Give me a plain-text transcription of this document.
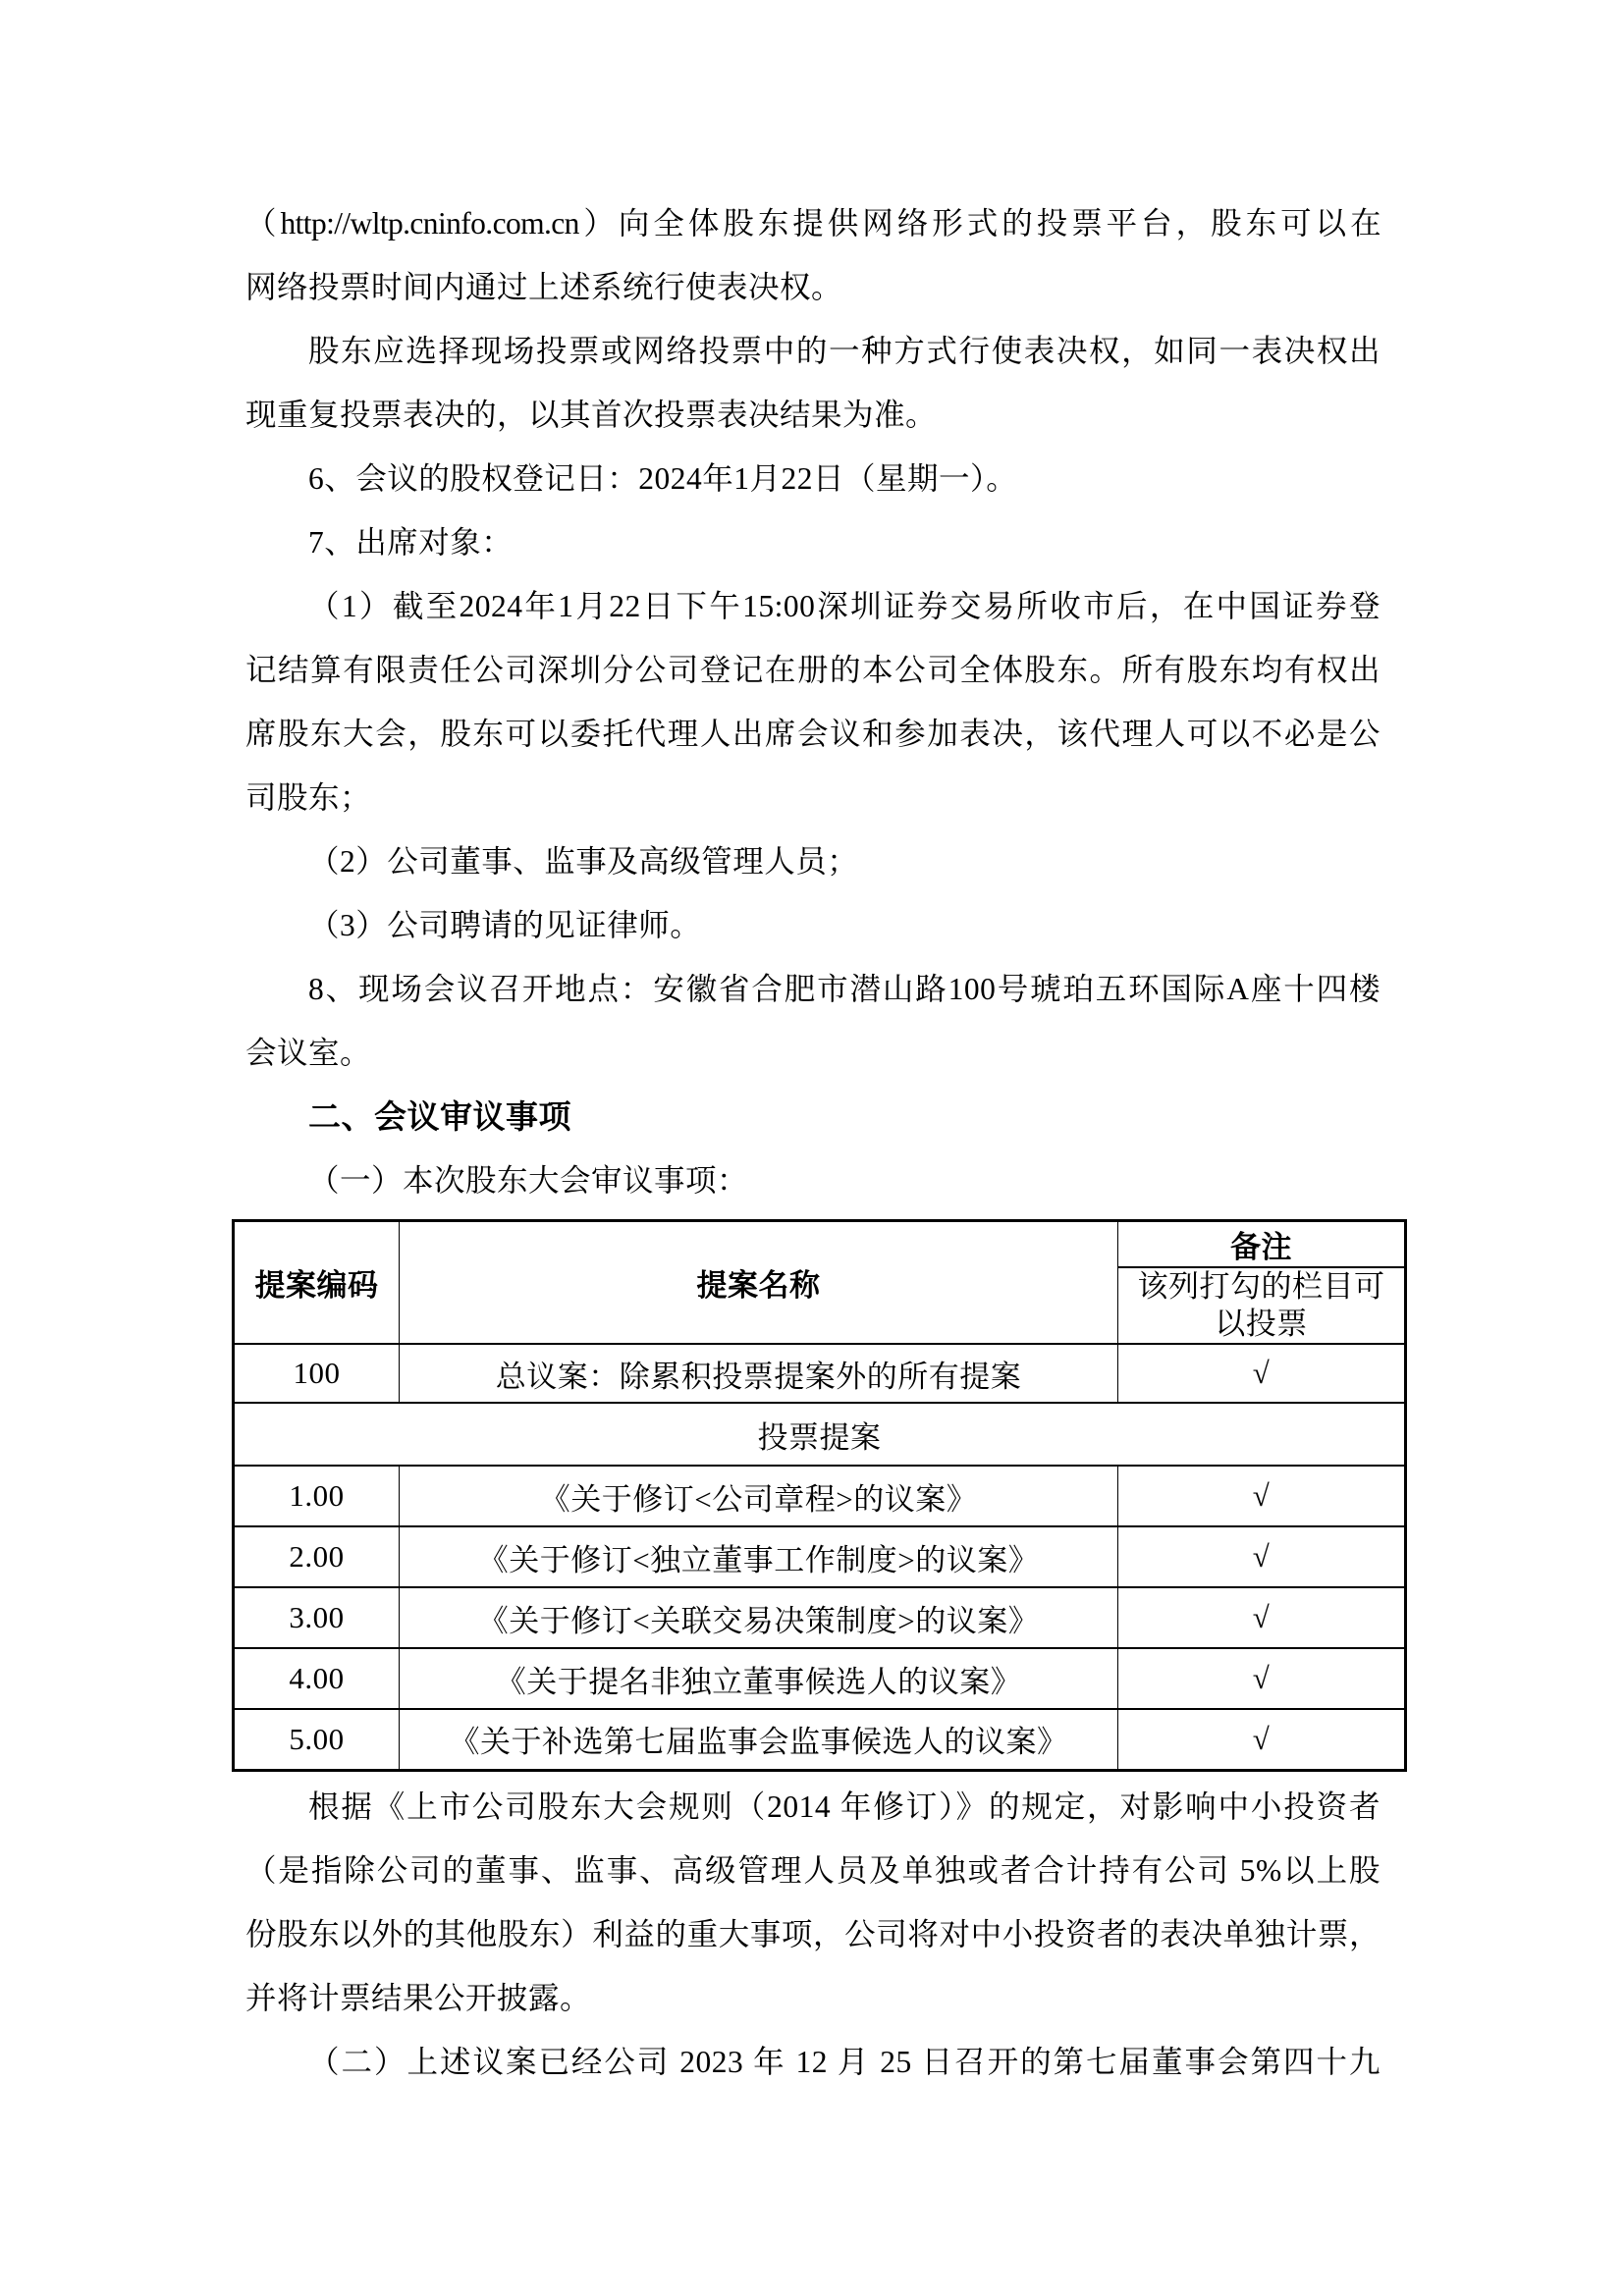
（http://wltp.cninfo.com.cn）向全体股东提供网络形式的投票平台，股东可以在
网络投票时间内通过上述系统行使表决权。
股东应选择现场投票或网络投票中的一种方式行使表决权，如同一表决权出
现重复投票表决的，以其首次投票表决结果为准。
6、会议的股权登记日：2024年1月22日（星期一）。
7、出席对象：
（1）截至2024年1月22日下午15:00深圳证券交易所收市后，在中国证券登
记结算有限责任公司深圳分公司登记在册的本公司全体股东。所有股东均有权出
席股东大会，股东可以委托代理人出席会议和参加表决，该代理人可以不必是公
司股东；
（2）公司董事、监事及高级管理人员；
（3）公司聘请的见证律师。
8、现场会议召开地点：安徽省合肥市潜山路100号琥珀五环国际A座十四楼
会议室。
二、会议审议事项
（一）本次股东大会审议事项：
提案编码	提案名称	备注
		该列打勾的栏目可
以投票
100	总议案：除累积投票提案外的所有提案	√
投票提案		
1.00	《关于修订<公司章程>的议案》	√
2.00	《关于修订<独立董事工作制度>的议案》	√
3.00	《关于修订<关联交易决策制度>的议案》	√
4.00	《关于提名非独立董事候选人的议案》	√
5.00	《关于补选第七届监事会监事候选人的议案》	√
根据《上市公司股东大会规则（2014 年修订）》的规定，对影响中小投资者
（是指除公司的董事、监事、高级管理人员及单独或者合计持有公司 5%以上股
份股东以外的其他股东）利益的重大事项，公司将对中小投资者的表决单独计票，
并将计票结果公开披露。
（二）上述议案已经公司 2023 年 12 月 25 日召开的第七届董事会第四十九
